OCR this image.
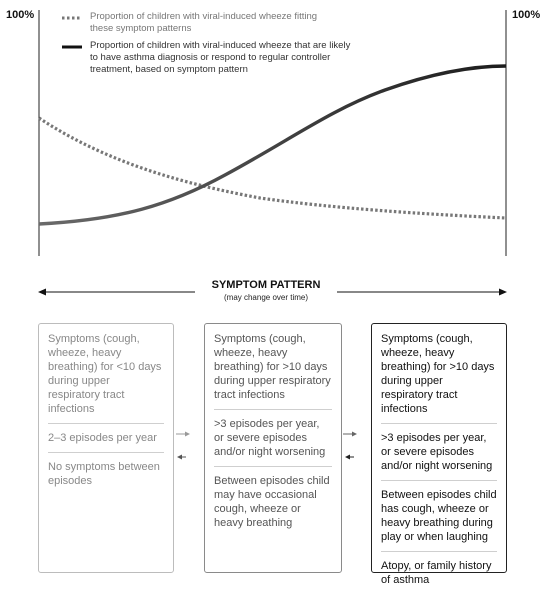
100%	100%
Proportion of children with viral-induced wheeze fitting these symptom patterns
Proportion of children with viral-induced wheeze that are likely to have asthma diagnosis or respond to regular controller treatment, based on symptom pattern
SYMPTOM PATTERN
(may change over time)
Symptoms (cough, wheeze, heavy breathing) for <10 days during upper respiratory tract infections
2–3 episodes per year
No symptoms between episodes
Symptoms (cough, wheeze, heavy breathing) for >10 days during upper respiratory tract infections
>3 episodes per year, or severe episodes and/or night worsening
Between episodes child may have occasional cough, wheeze or heavy breathing
Symptoms (cough, wheeze, heavy breathing) for >10 days during upper respiratory tract infections
>3 episodes per year, or severe episodes and/or night worsening
Between episodes child has cough, wheeze or heavy breathing during play or when laughing
Atopy, or family history of asthma
